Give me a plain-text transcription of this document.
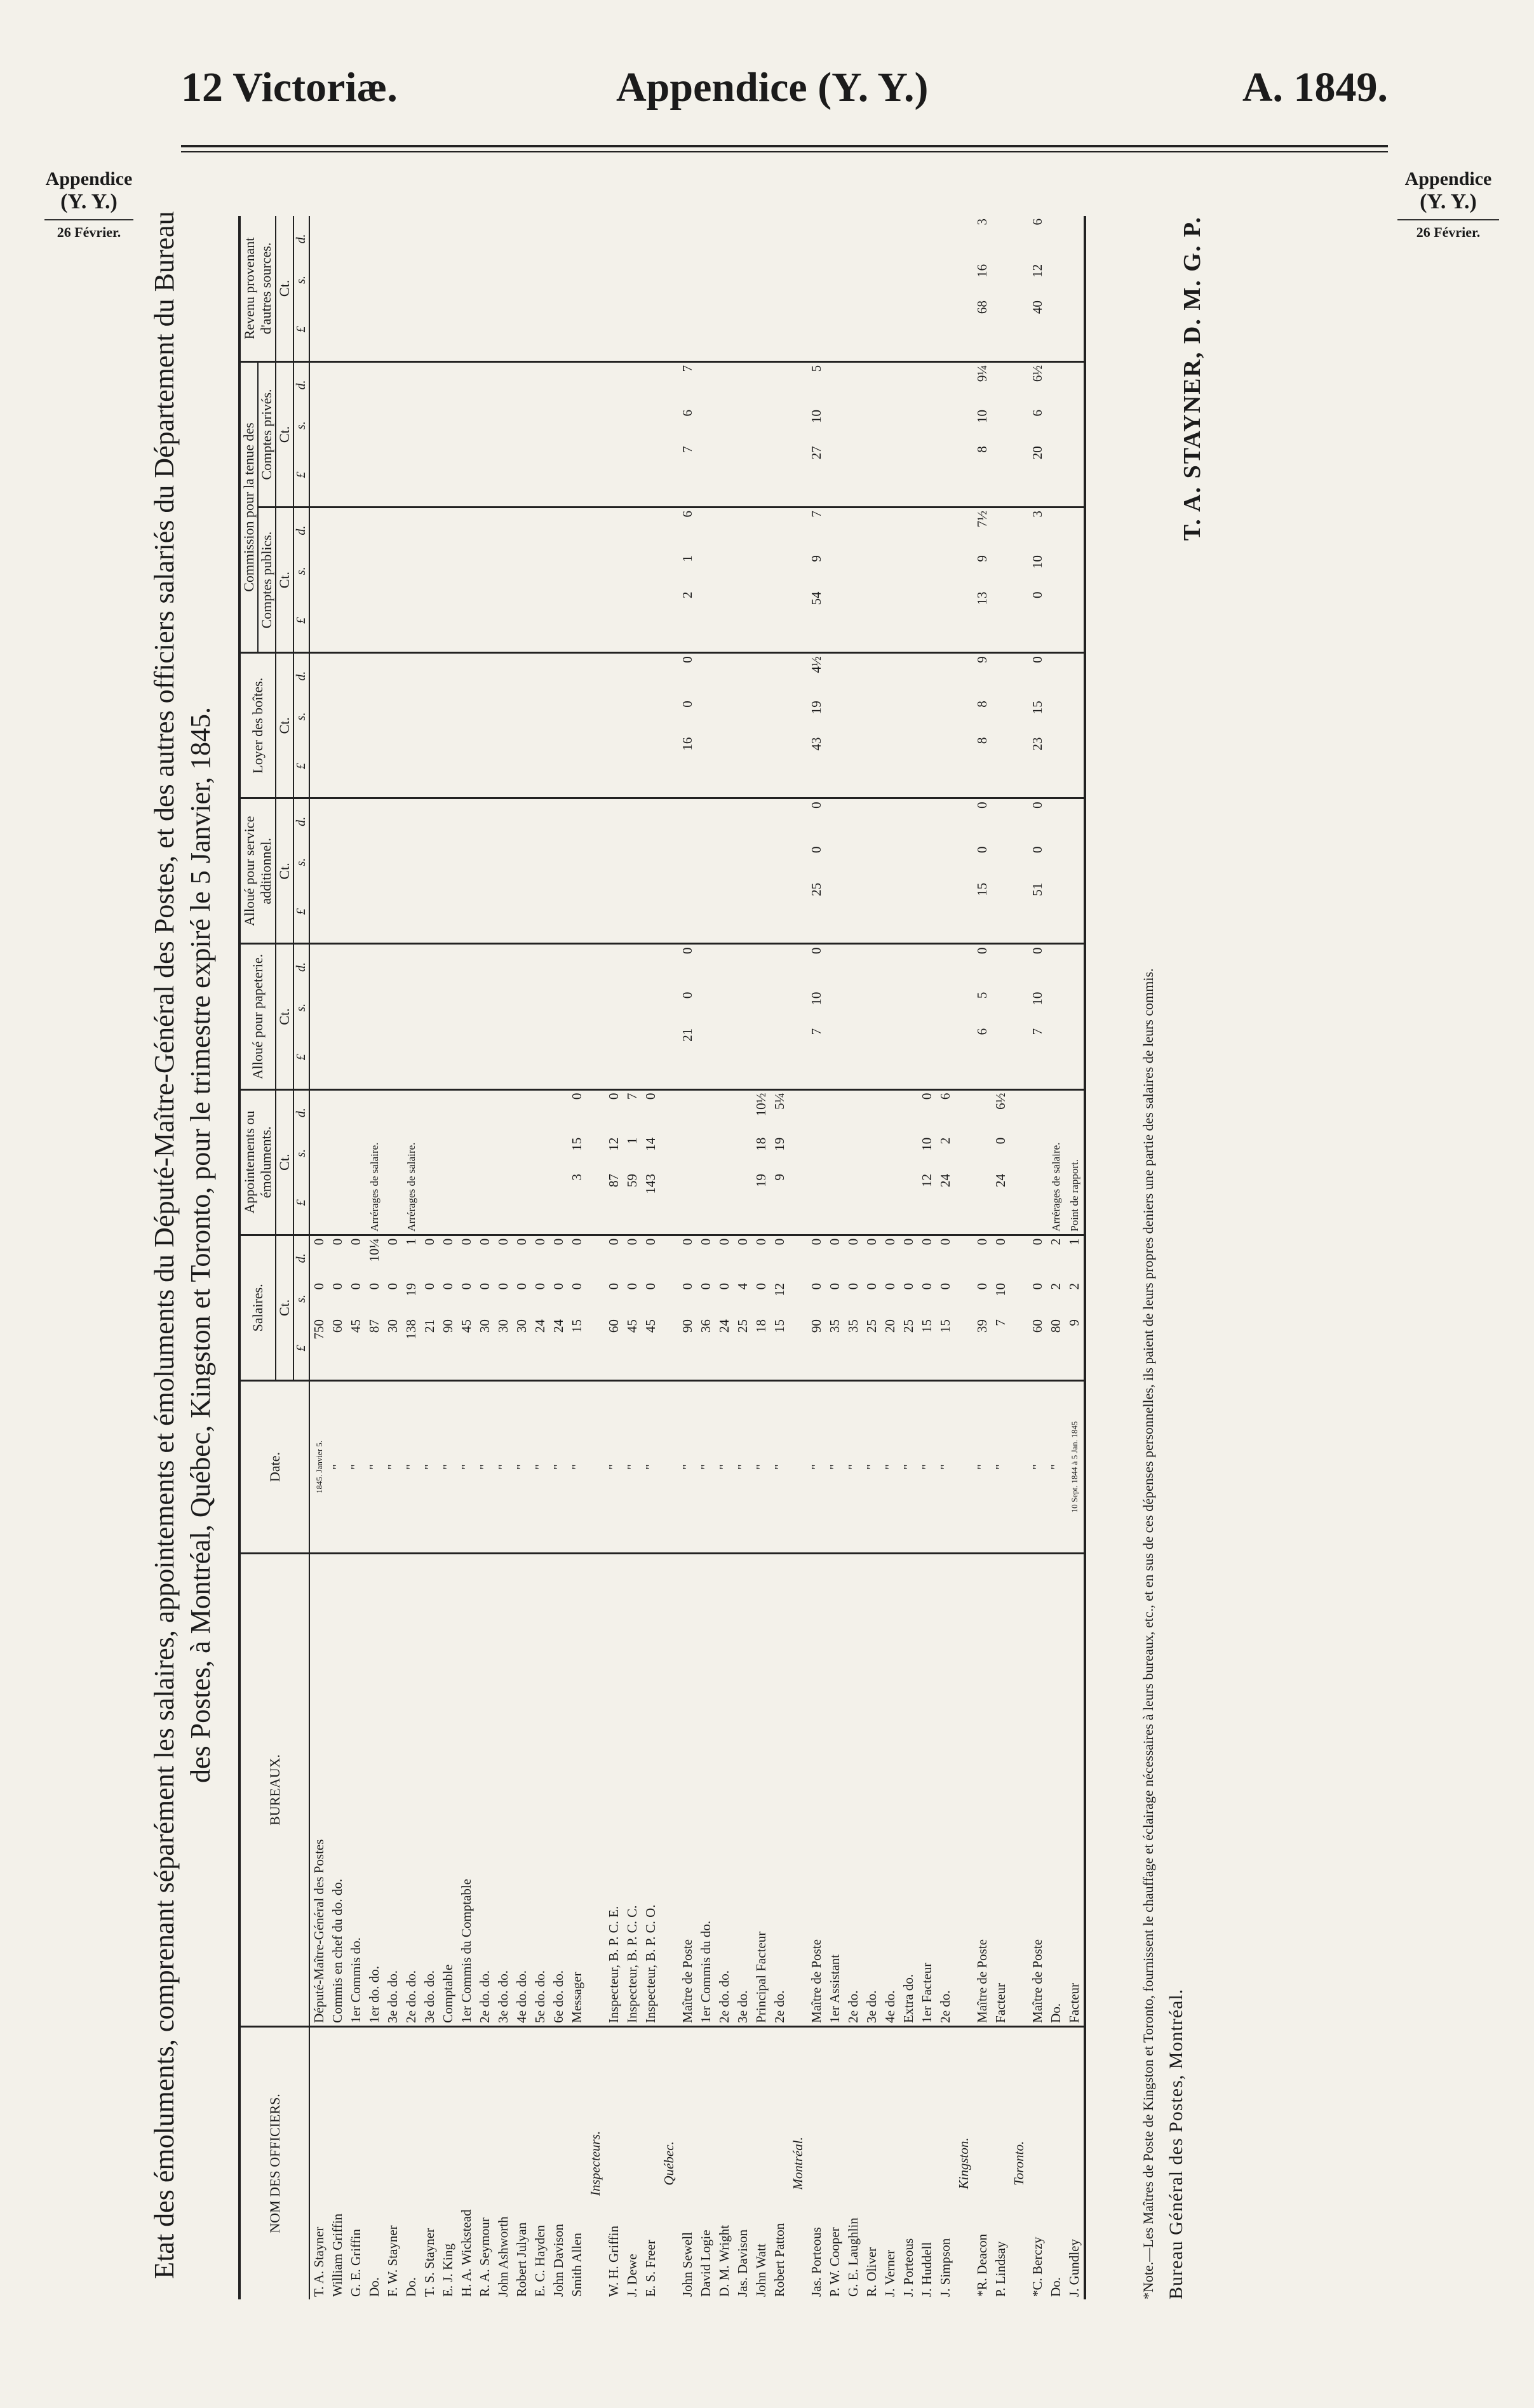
12 Victoriæ.	Appendice (Y. Y.)	A. 1849.
Appendice
(Y. Y.)
26 Février.
Appendice
(Y. Y.)
26 Février.
Etat des émoluments, comprenant séparément les salaires, appointements et émoluments du Député-Maître-Général des Postes, et des autres officiers salariés du Département du Bureau des Postes, à Montréal, Québec, Kingston et Toronto, pour le trimestre expiré le 5 Janvier, 1845.
NOM DES OFFICIERS.	BUREAUX.	Date.	Salaires.			Appointements ou émoluments.			Alloué pour papeterie.			Alloué pour service additionnel.			Loyer des boîtes.			Commission pour la tenue des						Revenu provenant d'autres sources.		
																		Comptes publics.			Comptes privés.					
			Ct.			Ct.			Ct.			Ct.			Ct.			Ct.			Ct.			Ct.		
			£	s.	d.	£	s.	d.	£	s.	d.	£	s.	d.	£	s.	d.	£	s.	d.	£	s.	d.	£	s.	d.
T. A. Stayner	Député-Maître-Général des Postes	1845. Janvier 5.	750	0	0																					
William Griffin	Commis en chef du do. do.	"	60	0	0																					
G. E. Griffin	1er Commis do.	"	45	0	0																					
Do.	1er do. do.	"	87	0	10¼	Arrérages de salaire.																				
F. W. Stayner	3e do. do.	"	30	0	0																					
Do.	2e do. do.	"	138	19	1	Arrérages de salaire.																				
T. S. Stayner	3e do. do.	"	21	0	0																					
E. J. King	Comptable	"	90	0	0																					
H. A. Wickstead	1er Commis du Comptable	"	45	0	0																					
R. A. Seymour	2e do. do.	"	30	0	0																					
John Ashworth	3e do. do.	"	30	0	0																					
Robert Julyan	4e do. do.	"	30	0	0																					
E. C. Hayden	5e do. do.	"	24	0	0																					
John Davison	6e do. do.	"	24	0	0																					
Smith Allen	Messager	"	15	0	0	3	15	0																		
Inspecteurs.																										
W. H. Griffin	Inspecteur, B. P. C. E.	"	60	0	0	87	12	0																		
J. Dewe	Inspecteur, B. P. C. C.	"	45	0	0	59	1	7																		
E. S. Freer	Inspecteur, B. P. C. O.	"	45	0	0	143	14	0																		
Québec.																										
John Sewell	Maître de Poste	"	90	0	0				21	0	0				16	0	0	2	1	6	7	6	7			
David Logie	1er Commis du do.	"	36	0	0																					
D. M. Wright	2e do. do.	"	24	0	0																					
Jas. Davison	3e do.	"	25	4	0																					
John Watt	Principal Facteur	"	18	0	0	19	18	10½																		
Robert Patton	2e do.	"	15	12	0	9	19	5¼																		
Montréal.																										
Jas. Porteous	Maître de Poste	"	90	0	0				7	10	0	25	0	0	43	19	4½	54	9	7	27	10	5			
P. W. Cooper	1er Assistant	"	35	0	0																					
G. E. Laughlin	2e do.	"	35	0	0																					
R. Oliver	3e do.	"	25	0	0																					
J. Verner	4e do.	"	20	0	0																					
J. Porteous	Extra do.	"	25	0	0																					
J. Huddell	1er Facteur	"	15	0	0	12	10	0																		
J. Simpson	2e do.	"	15	0	0	24	2	6																		
Kingston.																										
*R. Deacon	Maître de Poste	"	39	0	0				6	5	0	15	0	0	8	8	9	13	9	7½	8	10	9¼	68	16	3
P. Lindsay	Facteur	"	7	10	0	24	0	6½																		
Toronto.																										
*C. Berczy	Maître de Poste	"	60	0	0				7	10	0	51	0	0	23	15	0	0	10	3	20	6	6½	40	12	6
Do.	Do.	"	80	2	2	Arrérages de salaire.																				
J. Gundley	Facteur	10 Sept. 1844 à 5 Jan. 1845	9	2	1	Point de rapport.																					*Note.—Les Maîtres de Poste de Kingston et Toronto, fournissent le chauffage et éclairage nécessaires à leurs bureaux, etc., et en sus de ces dépenses personnelles, ils paient de leurs propres deniers une partie des salaires de leurs commis. Bureau Général des Postes, Montréal.
T. A. STAYNER, D. M. G. P.
